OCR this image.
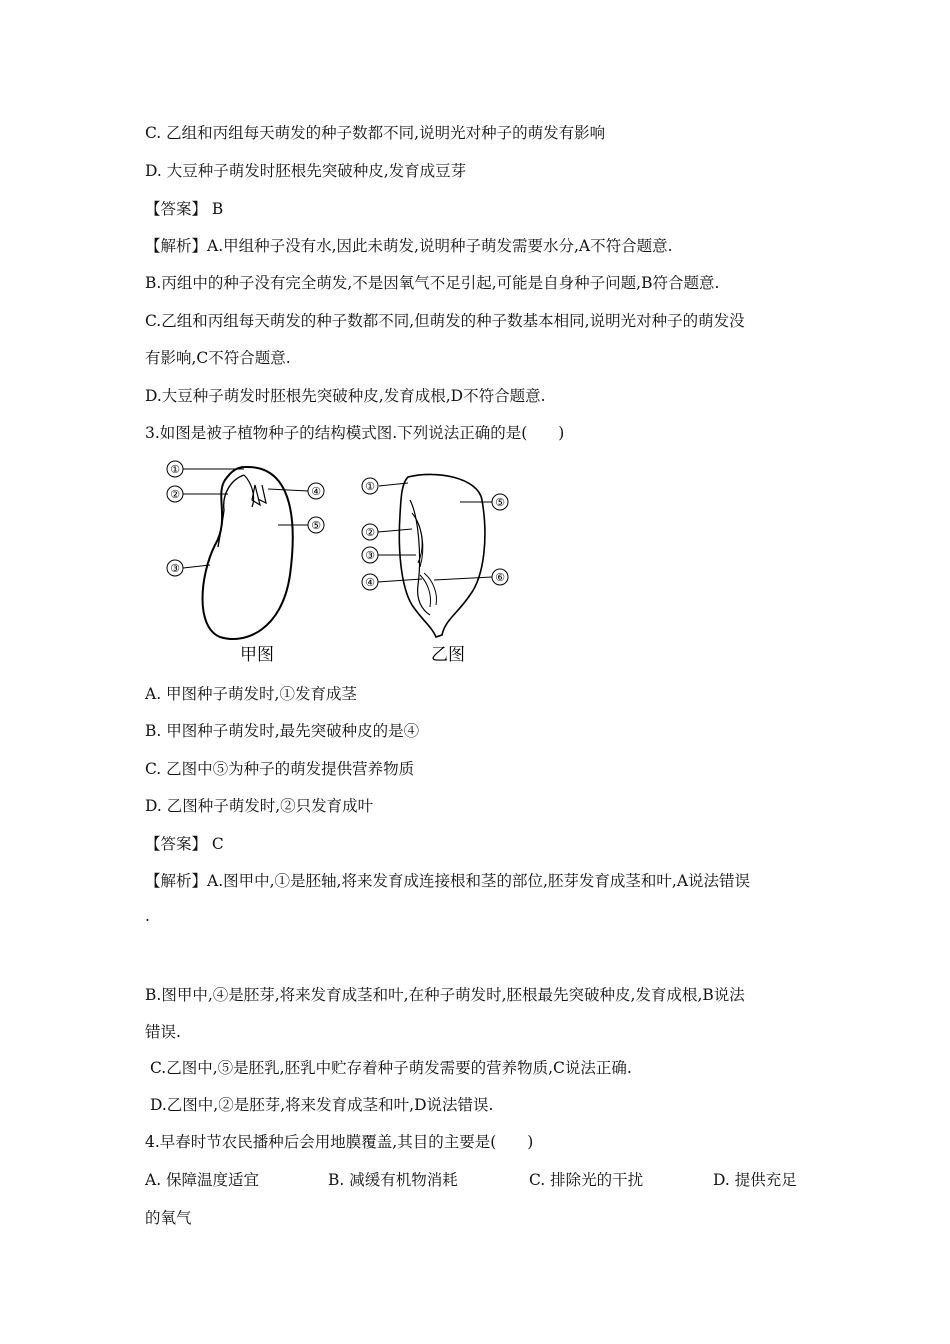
C. 乙组和丙组每天萌发的种子数都不同,说明光对种子的萌发有影响
D. 大豆种子萌发时胚根先突破种皮,发育成豆芽
【答案】 B
【解析】A.甲组种子没有水,因此未萌发,说明种子萌发需要水分,A不符合题意.
B.丙组中的种子没有完全萌发,不是因氧气不足引起,可能是自身种子问题,B符合题意.
C.乙组和丙组每天萌发的种子数都不同,但萌发的种子数基本相同,说明光对种子的萌发没
有影响,C不符合题意.
D.大豆种子萌发时胚根先突破种皮,发育成根,D不符合题意.
3.如图是被子植物种子的结构模式图.下列说法正确的是(　　)
①
②
③
④
⑤
甲图
①
②
③
④
⑤
⑥
乙图
A. 甲图种子萌发时,①发育成茎
B. 甲图种子萌发时,最先突破种皮的是④
C. 乙图中⑤为种子的萌发提供营养物质
D. 乙图种子萌发时,②只发育成叶
【答案】 C
【解析】A.图甲中,①是胚轴,将来发育成连接根和茎的部位,胚芽发育成茎和叶,A说法错误
.
B.图甲中,④是胚芽,将来发育成茎和叶,在种子萌发时,胚根最先突破种皮,发育成根,B说法
错误.
C.乙图中,⑤是胚乳,胚乳中贮存着种子萌发需要的营养物质,C说法正确.
D.乙图中,②是胚芽,将来发育成茎和叶,D说法错误.
4.早春时节农民播种后会用地膜覆盖,其目的主要是(　　)
A. 保障温度适宜	B. 减缓有机物消耗	C. 排除光的干扰	D. 提供充足
的氧气
